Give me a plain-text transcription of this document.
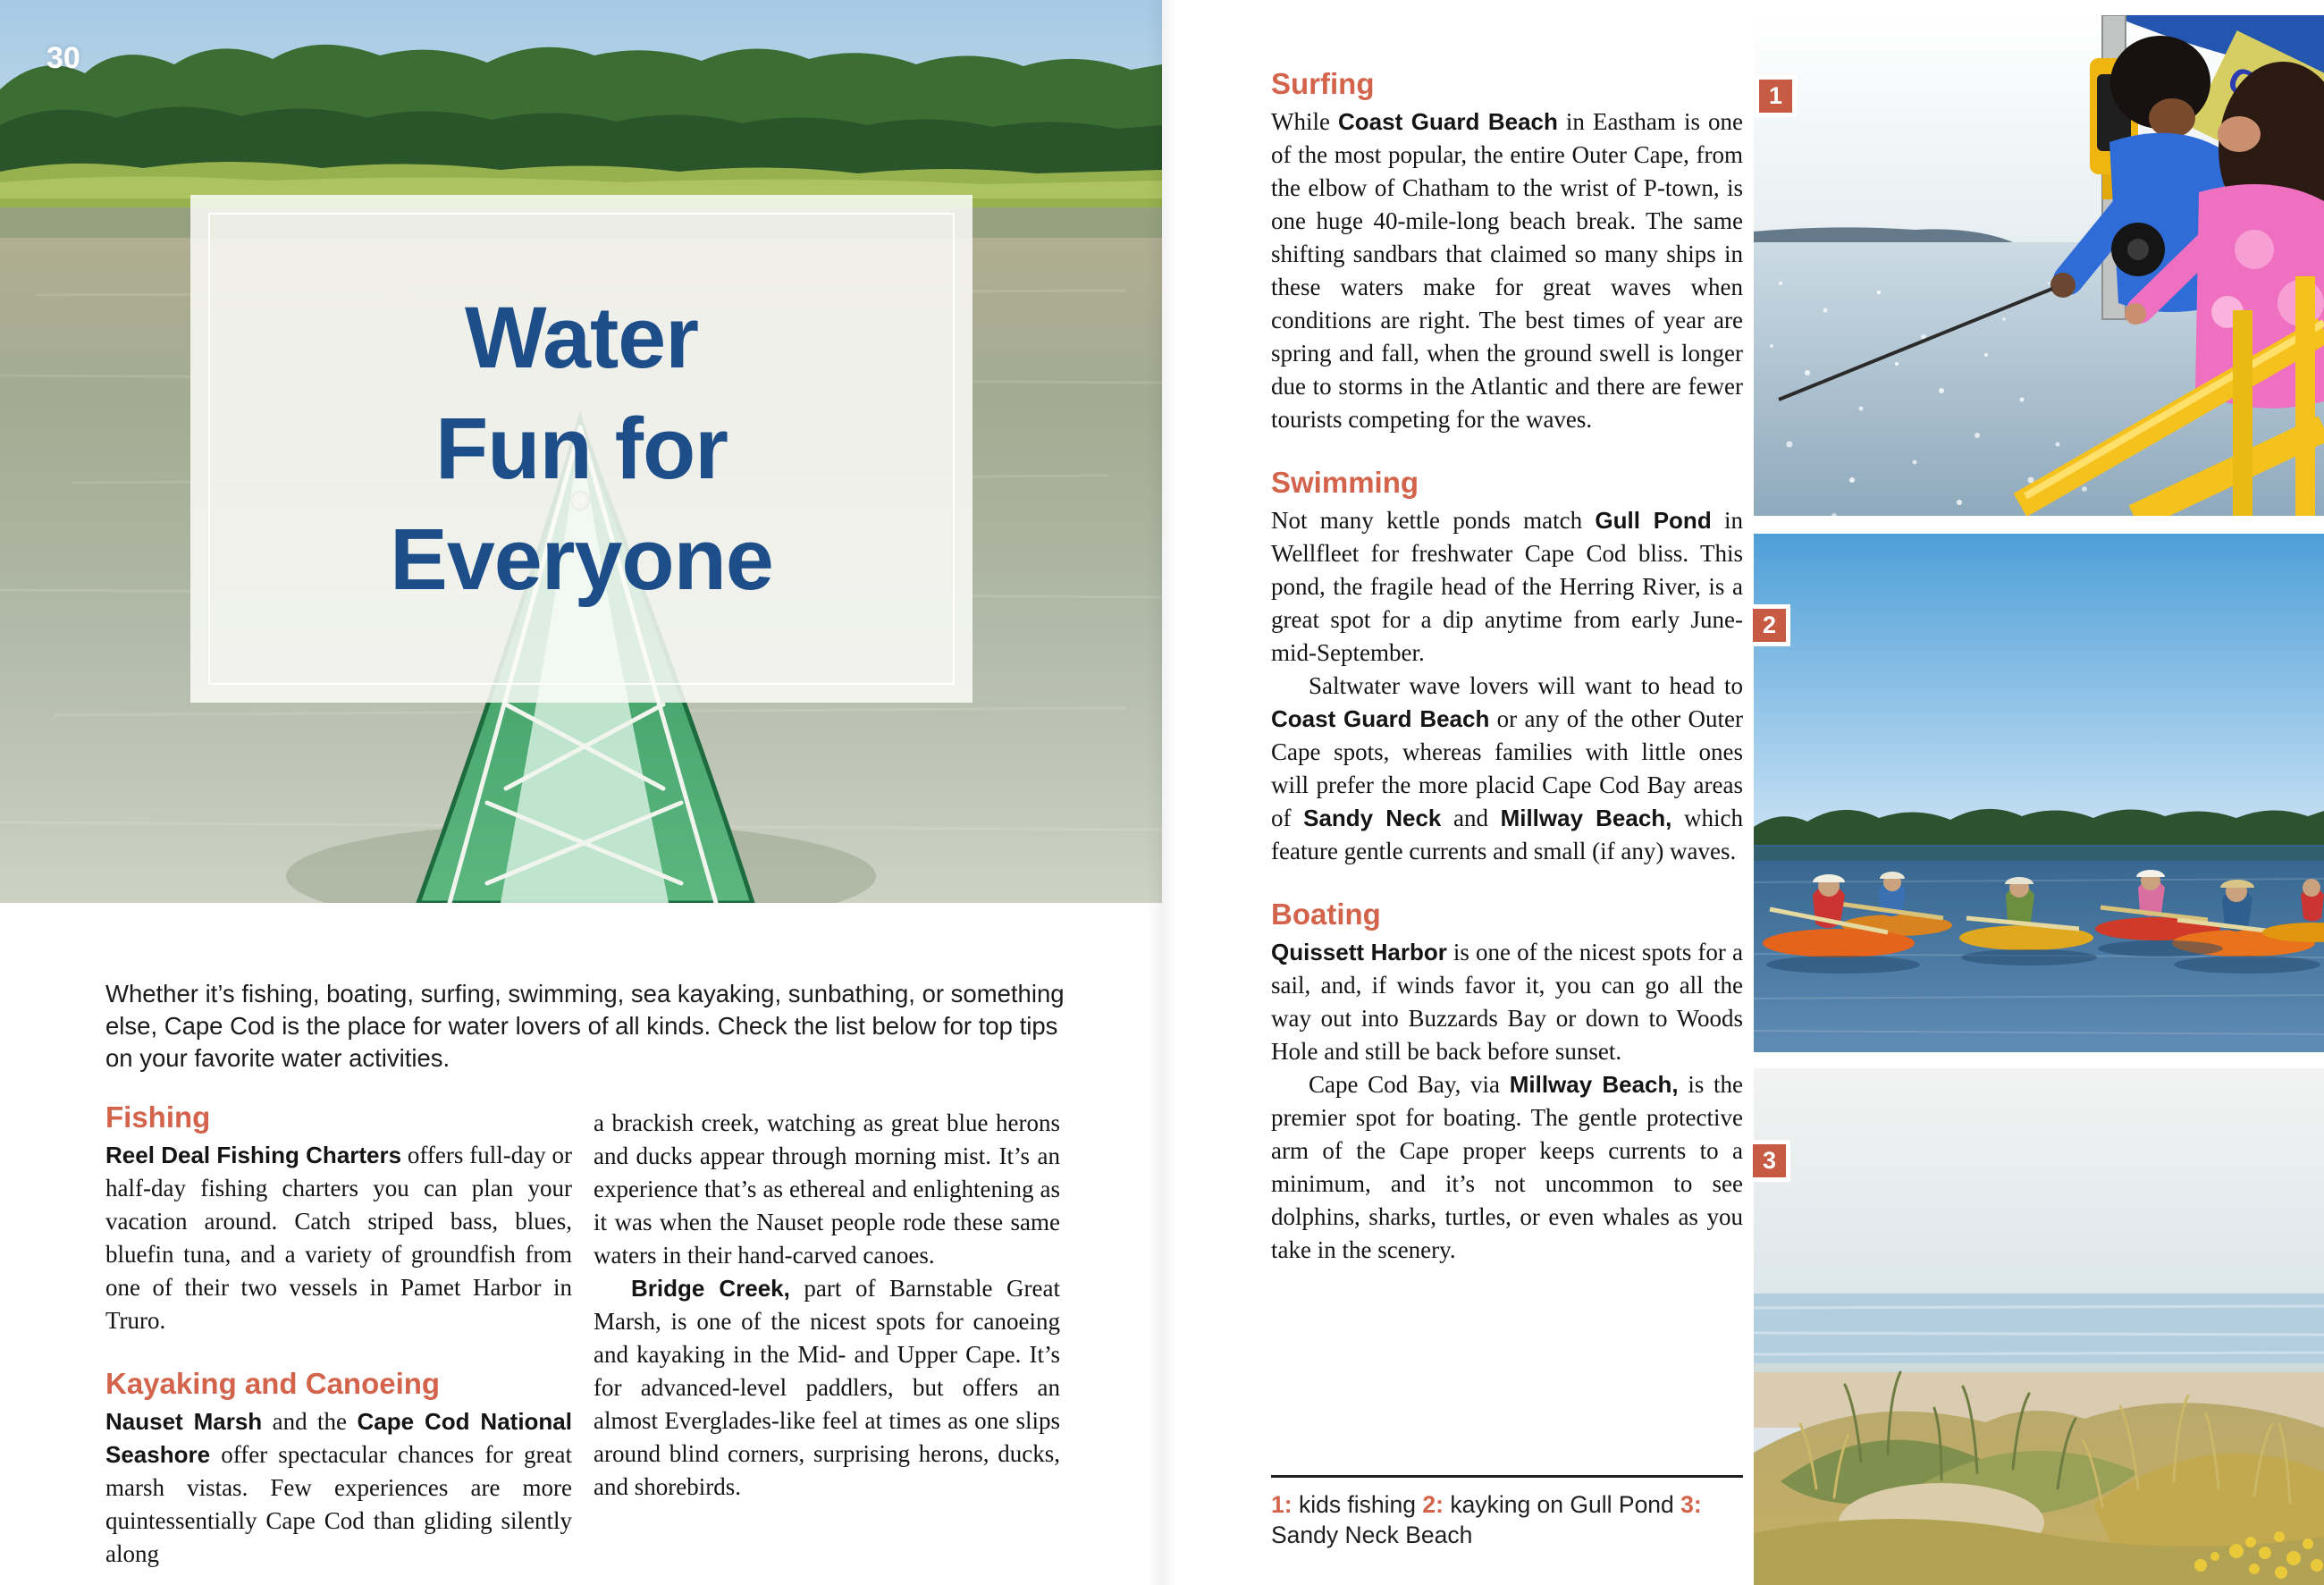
30
Water
Fun for
Everyone
Whether it’s fishing, boating, surfing, swimming, sea kayaking, sunbathing, or something else, Cape Cod is the place for water lovers of all kinds. Check the list below for top tips on your favorite water activities.
Fishing

Reel Deal Fishing Charters offers full-day or half-day fishing charters you can plan your vacation around. Catch striped bass, blues, bluefin tuna, and a variety of groundfish from one of their two vessels in Pamet Harbor in Truro.

Kayaking and Canoeing

Nauset Marsh and the Cape Cod National Seashore offer spectacular chances for great marsh vistas. Few experiences are more quintessentially Cape Cod than gliding silently along

a brackish creek, watching as great blue herons and ducks appear through morning mist. It’s an experience that’s as ethereal and enlightening as it was when the Nauset people rode these same waters in their hand-carved canoes.

Bridge Creek, part of Barnstable Great Marsh, is one of the nicest spots for canoeing and kayaking in the Mid- and Upper Cape. It’s for advanced-level paddlers, but offers an almost Everglades-like feel at times as one slips around blind corners, surprising herons, ducks, and shorebirds.

Surfing

While Coast Guard Beach in Eastham is one of the most popular, the entire Outer Cape, from the elbow of Chatham to the wrist of P-town, is one huge 40-mile-long beach break. The same shifting sandbars that claimed so many ships in these waters make for great waves when conditions are right. The best times of year are spring and fall, when the ground swell is longer due to storms in the Atlantic and there are fewer tourists competing for the waves.

Swimming

Not many kettle ponds match Gull Pond in Wellfleet for freshwater Cape Cod bliss. This pond, the fragile head of the Herring River, is a great spot for a dip anytime from early June-mid-September.

Saltwater wave lovers will want to head to Coast Guard Beach or any of the other Outer Cape spots, whereas families with little ones will prefer the more placid Cape Cod Bay areas of Sandy Neck and Millway Beach, which feature gentle currents and small (if any) waves.

Boating

Quissett Harbor is one of the nicest spots for a sail, and, if winds favor it, you can go all the way out into Buzzards Bay or down to Woods Hole and still be back before sunset.

Cape Cod Bay, via Millway Beach, is the premier spot for boating. The gentle protective arm of the Cape proper keeps currents to a minimum, and it’s not uncommon to see dolphins, sharks, turtles, or even whales as you take in the scenery.

1: kids fishing 2: kayking on Gull Pond 3: Sandy Neck Beach
1
2
3
